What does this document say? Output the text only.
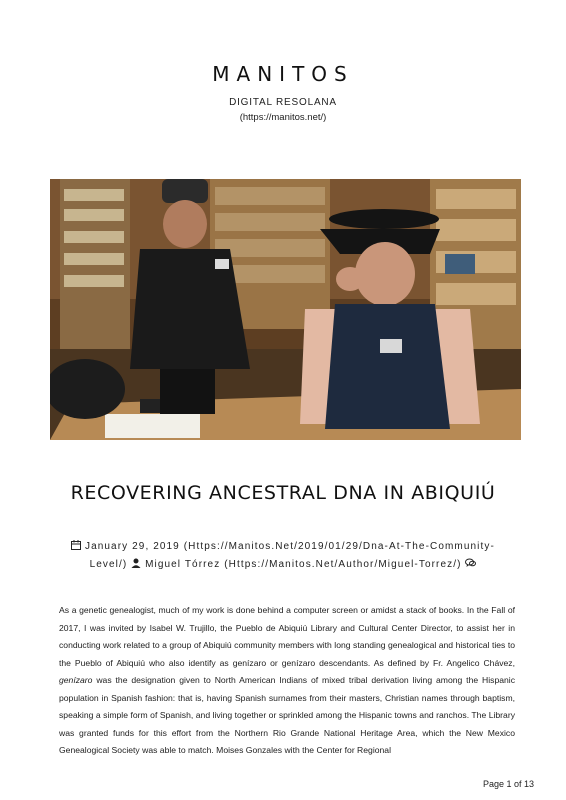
MANITOS
DIGITAL RESOLANA
(https://manitos.net/)
RECOVERING ANCESTRAL DNA IN ABIQUIÚ
January 29, 2019 (Https://Manitos.Net/2019/01/29/Dna-At-The-Community-Level/) Miguel Tórrez (Https://Manitos.Net/Author/Miguel-Torrez/)

As a genetic genealogist, much of my work is done behind a computer screen or amidst a stack of books. In the Fall of 2017, I was invited by Isabel W. Trujillo, the Pueblo de Abiquiú Library and Cultural Center Director, to assist her in conducting work related to a group of Abiquiú community members with long standing genealogical and historical ties to the Pueblo of Abiquiú who also identify as genízaro or genízaro descendants. As defined by Fr. Angelico Chávez, genízaro was the designation given to North American Indians of mixed tribal derivation living among the Hispanic population in Spanish fashion: that is, having Spanish surnames from their masters, Christian names through baptism, speaking a simple form of Spanish, and living together or sprinkled among the Hispanic towns and ranchos. The Library was granted funds for this effort from the Northern Rio Grande National Heritage Area, which the New Mexico Genealogical Society was able to match. Moises Gonzales with the Center for Regional

Page 1 of 13
